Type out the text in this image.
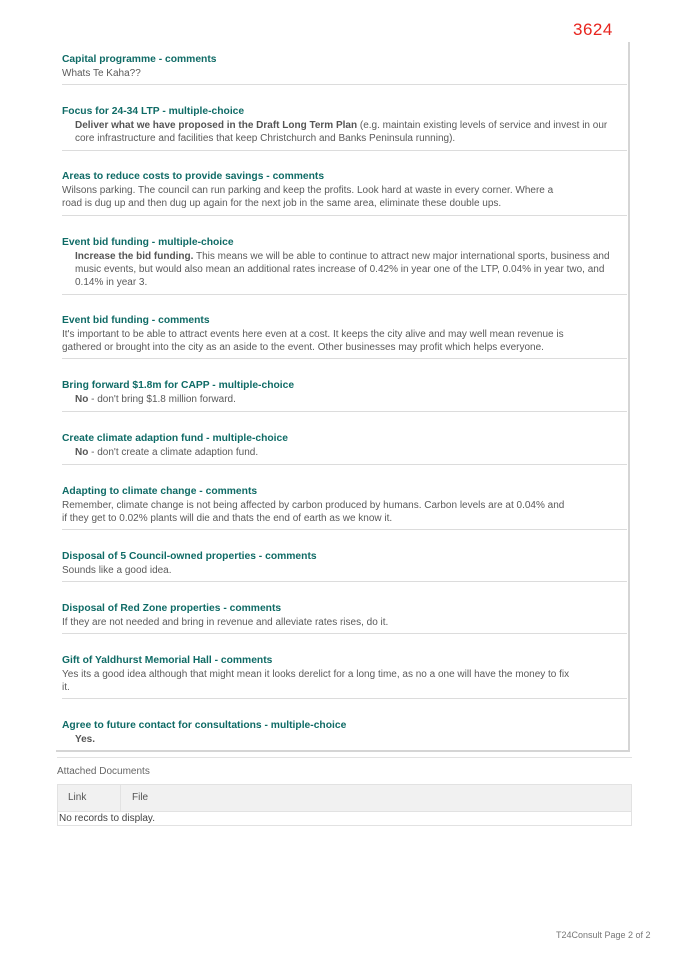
3624
Capital programme - comments
Whats Te Kaha??
Focus for 24-34 LTP - multiple-choice
Deliver what we have proposed in the Draft Long Term Plan (e.g. maintain existing levels of service and invest in our core infrastructure and facilities that keep Christchurch and Banks Peninsula running).
Areas to reduce costs to provide savings - comments
Wilsons parking. The council can run parking and keep the profits. Look hard at waste in every corner. Where a road is dug up and then dug up again for the next job in the same area, eliminate these double ups.
Event bid funding - multiple-choice
Increase the bid funding. This means we will be able to continue to attract new major international sports, business and music events, but would also mean an additional rates increase of 0.42% in year one of the LTP, 0.04% in year two, and 0.14% in year 3.
Event bid funding - comments
It's important to be able to attract events here even at a cost. It keeps the city alive and may well mean revenue is gathered or brought into the city as an aside to the event. Other businesses may profit which helps everyone.
Bring forward $1.8m for CAPP - multiple-choice
No - don't bring $1.8 million forward.
Create climate adaption fund - multiple-choice
No - don't create a climate adaption fund.
Adapting to climate change - comments
Remember, climate change is not being affected by carbon produced by humans. Carbon levels are at 0.04% and if they get to 0.02% plants will die and thats the end of earth as we know it.
Disposal of 5 Council-owned properties - comments
Sounds like a good idea.
Disposal of Red Zone properties - comments
If they are not needed and bring in revenue and alleviate rates rises, do it.
Gift of Yaldhurst Memorial Hall - comments
Yes its a good idea although that might mean it looks derelict for a long time, as no a one will have the money to fix it.
Agree to future contact for consultations - multiple-choice
Yes.
Attached Documents
Link	File
No records to display.
T24Consult Page 2 of 2
